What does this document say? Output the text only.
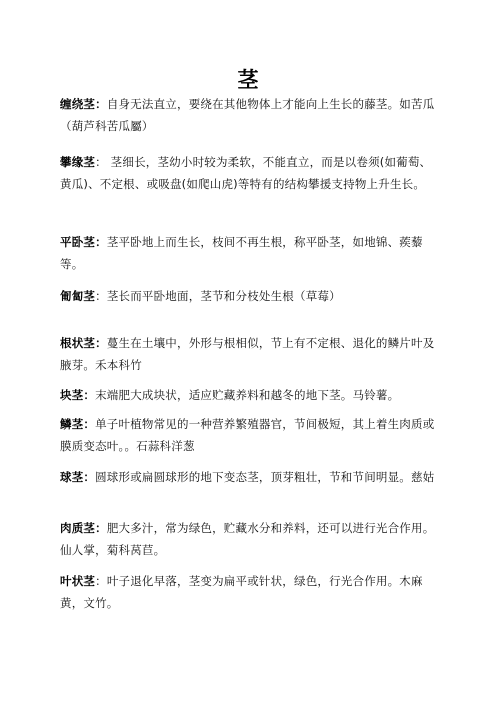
茎
缠绕茎：自身无法直立，要绕在其他物体上才能向上生长的藤茎。如苦瓜（葫芦科苦瓜屬）
攀缘茎： 茎细长，茎幼小时较为柔软，不能直立，而是以卷须(如葡萄、黄瓜)、不定根、或吸盘(如爬山虎)等特有的结构攀援支持物上升生长。
平卧茎：茎平卧地上而生长，枝间不再生根，称平卧茎，如地锦、蒺藜等。
匍匐茎：茎长而平卧地面，茎节和分枝处生根（草莓）
根状茎：蔓生在土壤中，外形与根相似，节上有不定根、退化的鳞片叶及腋芽。禾本科竹
块茎：末端肥大成块状，适应贮藏养料和越冬的地下茎。马铃薯。
鳞茎：单子叶植物常见的一种营养繁殖器官，节间极短，其上着生肉质或膜质变态叶。。石蒜科洋葱
球茎：圆球形或扁圆球形的地下变态茎，顶芽粗壮，节和节间明显。慈姑
肉质茎：肥大多汁，常为绿色，贮藏水分和养料，还可以进行光合作用。仙人掌，菊科莴苣。
叶状茎：叶子退化早落，茎变为扁平或针状，绿色，行光合作用。木麻黄，文竹。
